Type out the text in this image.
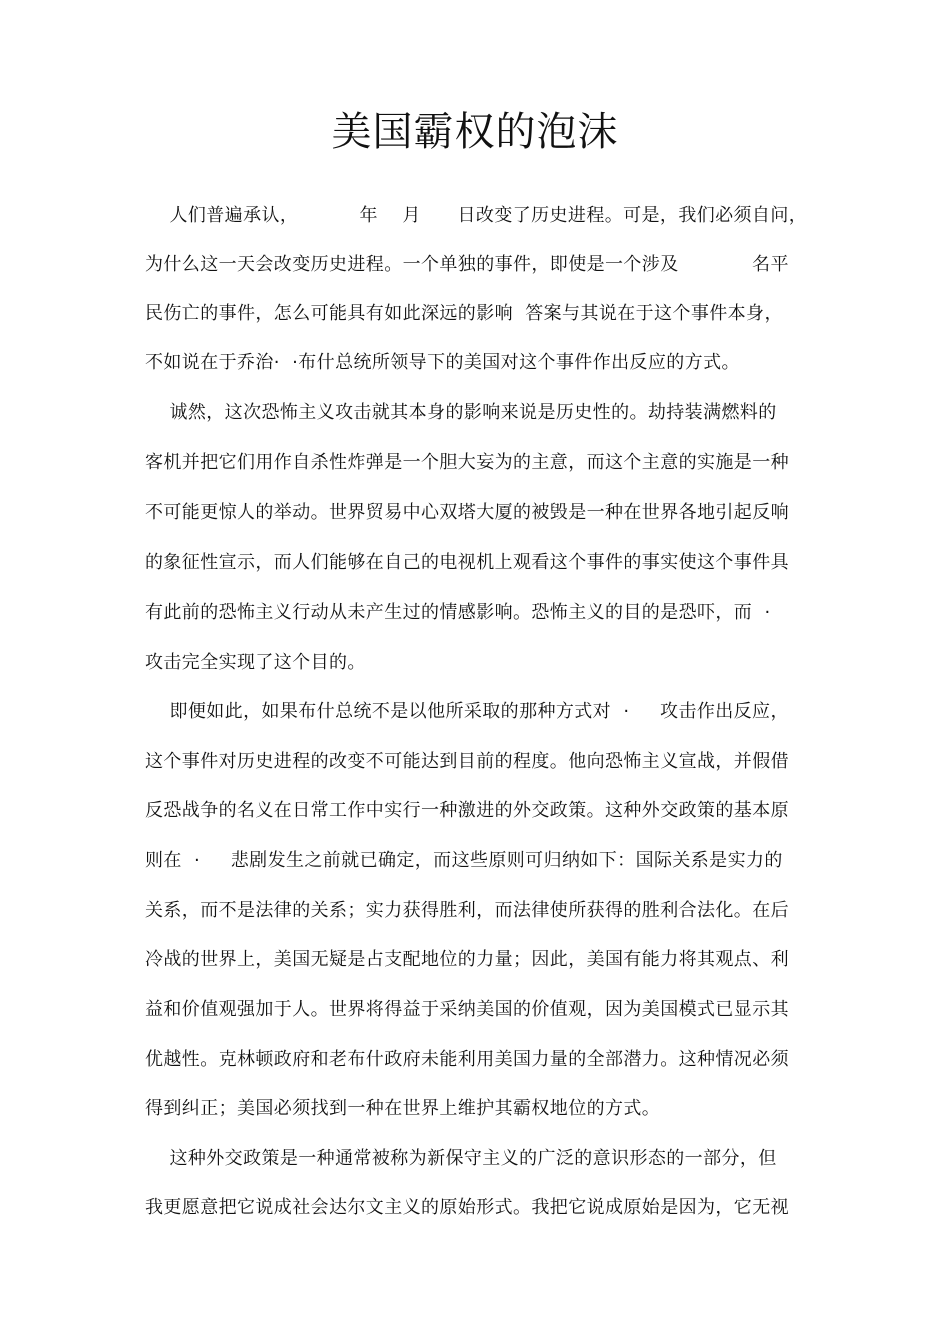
美国霸权的泡沫
人们普遍承认，          年    月      日改变了历史进程。可是，我们必须自问，
为什么这一天会改变历史进程。一个单独的事件，即使是一个涉及            名平
民伤亡的事件，怎么可能具有如此深远的影响  答案与其说在于这个事件本身，
不如说在于乔治·  ·布什总统所领导下的美国对这个事件作出反应的方式。
诚然，这次恐怖主义攻击就其本身的影响来说是历史性的。劫持装满燃料的
客机并把它们用作自杀性炸弹是一个胆大妄为的主意，而这个主意的实施是一种
不可能更惊人的举动。世界贸易中心双塔大厦的被毁是一种在世界各地引起反响
的象征性宣示，而人们能够在自己的电视机上观看这个事件的事实使这个事件具
有此前的恐怖主义行动从未产生过的情感影响。恐怖主义的目的是恐吓，而  ·
攻击完全实现了这个目的。
即便如此，如果布什总统不是以他所采取的那种方式对  ·     攻击作出反应，
这个事件对历史进程的改变不可能达到目前的程度。他向恐怖主义宣战，并假借
反恐战争的名义在日常工作中实行一种激进的外交政策。这种外交政策的基本原
则在  ·     悲剧发生之前就已确定，而这些原则可归纳如下：国际关系是实力的
关系，而不是法律的关系；实力获得胜利，而法律使所获得的胜利合法化。在后
冷战的世界上，美国无疑是占支配地位的力量；因此，美国有能力将其观点、利
益和价值观强加于人。世界将得益于采纳美国的价值观，因为美国模式已显示其
优越性。克林顿政府和老布什政府未能利用美国力量的全部潜力。这种情况必须
得到纠正；美国必须找到一种在世界上维护其霸权地位的方式。
这种外交政策是一种通常被称为新保守主义的广泛的意识形态的一部分，但
我更愿意把它说成社会达尔文主义的原始形式。我把它说成原始是因为，它无视
